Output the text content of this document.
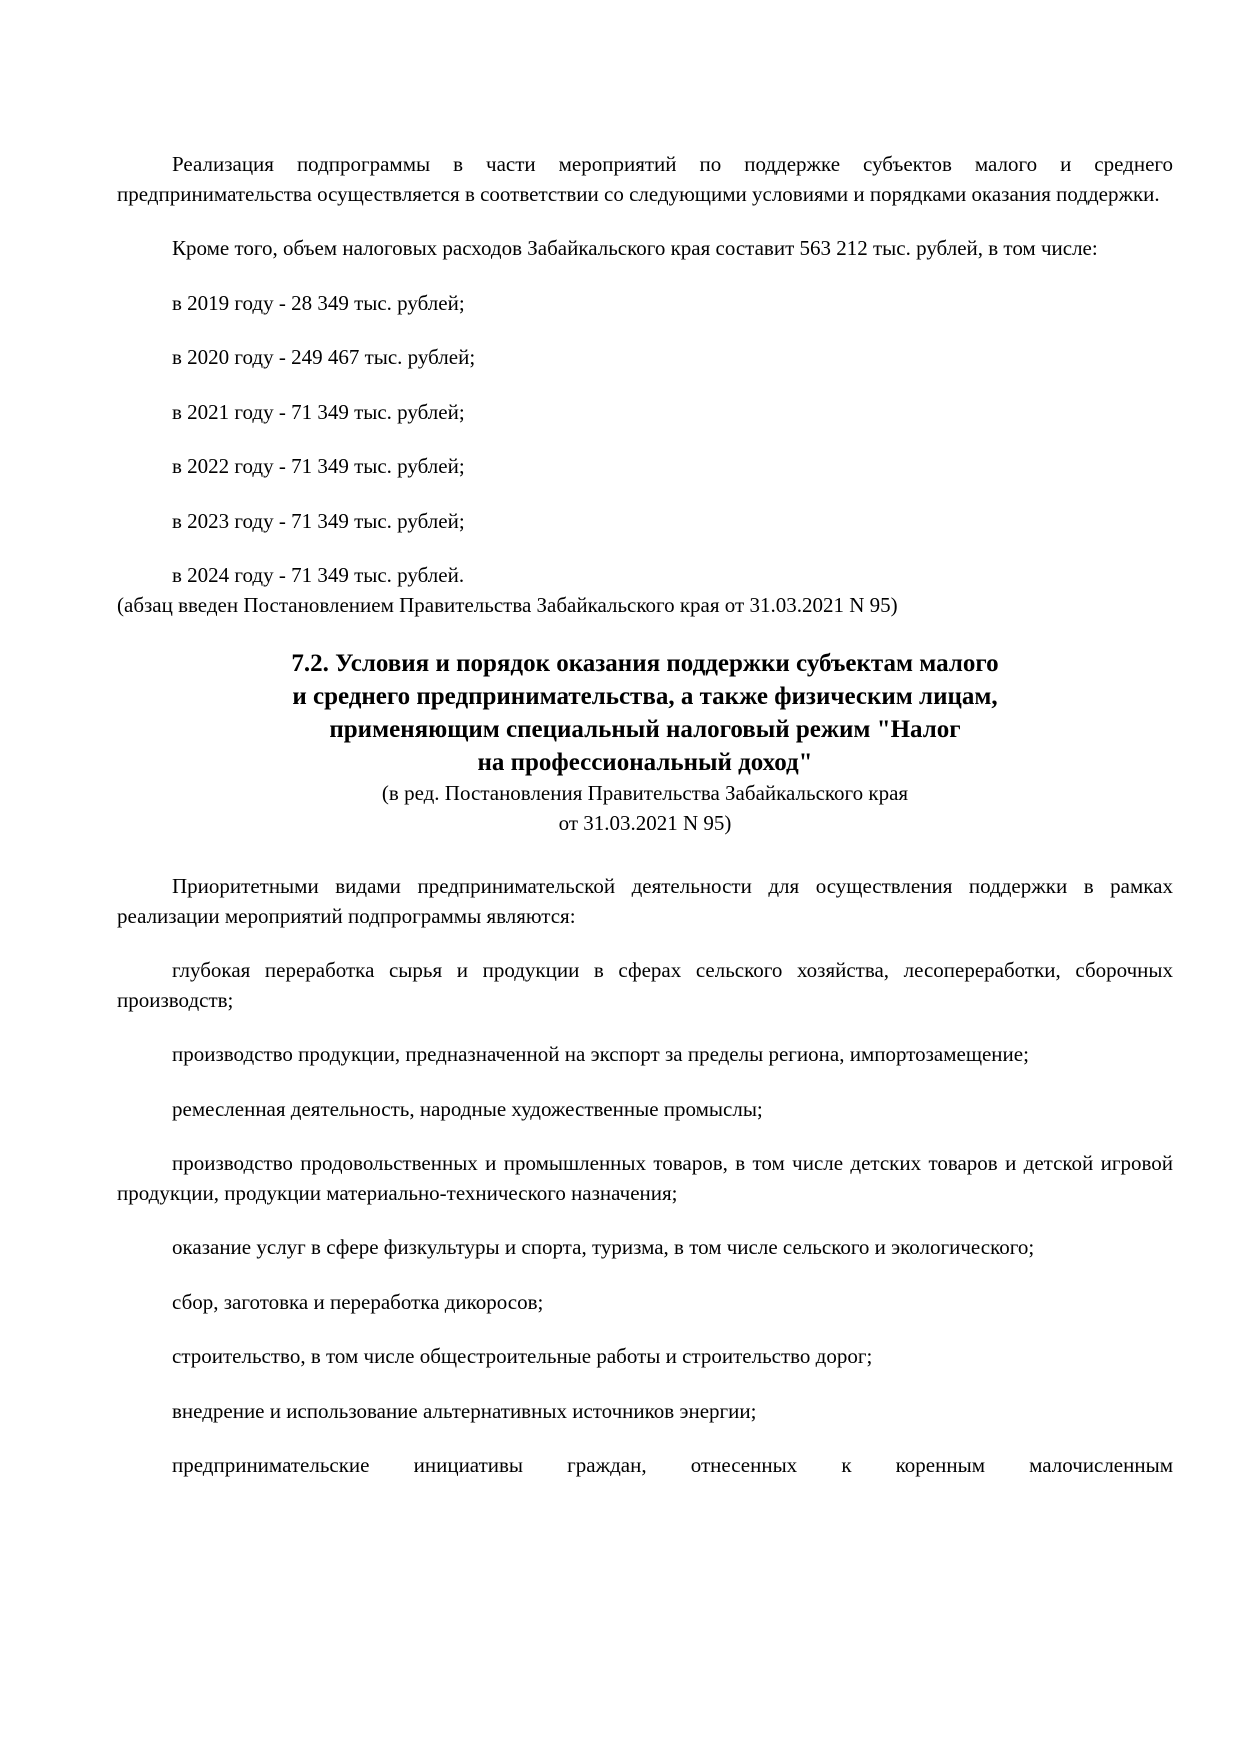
Реализация подпрограммы в части мероприятий по поддержке субъектов малого и среднего предпринимательства осуществляется в соответствии со следующими условиями и порядками оказания поддержки.

Кроме того, объем налоговых расходов Забайкальского края составит 563 212 тыс. рублей, в том числе:

в 2019 году - 28 349 тыс. рублей;

в 2020 году - 249 467 тыс. рублей;

в 2021 году - 71 349 тыс. рублей;

в 2022 году - 71 349 тыс. рублей;

в 2023 году - 71 349 тыс. рублей;

в 2024 году - 71 349 тыс. рублей.

(абзац введен Постановлением Правительства Забайкальского края от 31.03.2021 N 95)

7.2. Условия и порядок оказания поддержки субъектам малого
и среднего предпринимательства, а также физическим лицам,
применяющим специальный налоговый режим "Налог
на профессиональный доход"
(в ред. Постановления Правительства Забайкальского края
от 31.03.2021 N 95)

Приоритетными видами предпринимательской деятельности для осуществления поддержки в рамках реализации мероприятий подпрограммы являются:

глубокая переработка сырья и продукции в сферах сельского хозяйства, лесопереработки, сборочных производств;

производство продукции, предназначенной на экспорт за пределы региона, импортозамещение;

ремесленная деятельность, народные художественные промыслы;

производство продовольственных и промышленных товаров, в том числе детских товаров и детской игровой продукции, продукции материально-технического назначения;

оказание услуг в сфере физкультуры и спорта, туризма, в том числе сельского и экологического;

сбор, заготовка и переработка дикоросов;

строительство, в том числе общестроительные работы и строительство дорог;

внедрение и использование альтернативных источников энергии;

предпринимательские инициативы граждан, отнесенных к коренным малочисленным
